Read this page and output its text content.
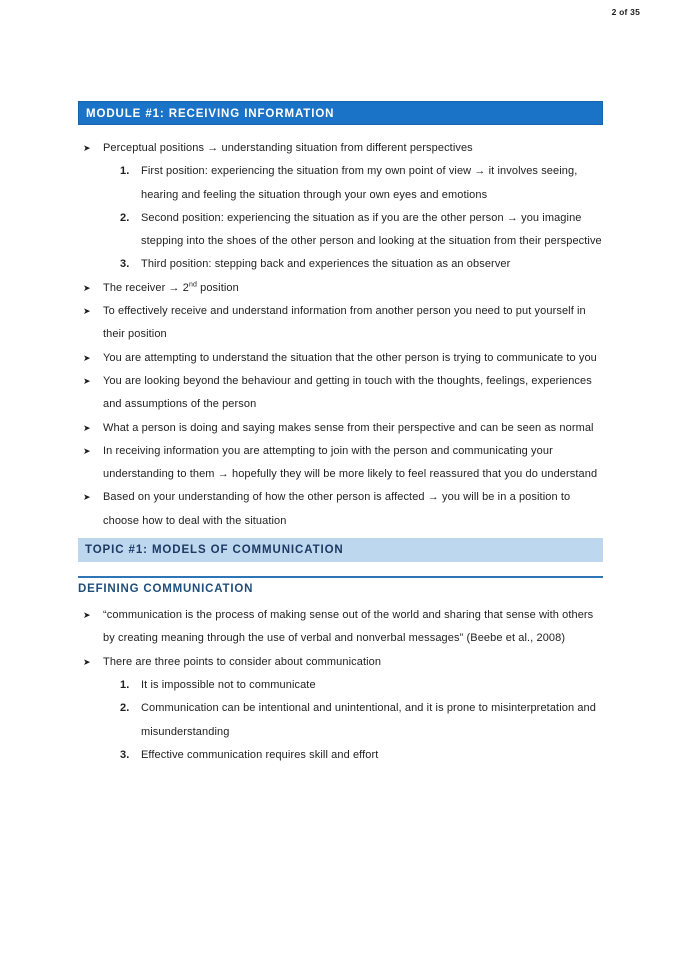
2 of 35
MODULE #1: RECEIVING INFORMATION
➤ Perceptual positions → understanding situation from different perspectives
1. First position: experiencing the situation from my own point of view → it involves seeing, hearing and feeling the situation through your own eyes and emotions
2. Second position: experiencing the situation as if you are the other person → you imagine stepping into the shoes of the other person and looking at the situation from their perspective
3. Third position: stepping back and experiences the situation as an observer
➤ The receiver → 2nd position
➤ To effectively receive and understand information from another person you need to put yourself in their position
➤ You are attempting to understand the situation that the other person is trying to communicate to you
➤ You are looking beyond the behaviour and getting in touch with the thoughts, feelings, experiences and assumptions of the person
➤ What a person is doing and saying makes sense from their perspective and can be seen as normal
➤ In receiving information you are attempting to join with the person and communicating your understanding to them → hopefully they will be more likely to feel reassured that you do understand
➤ Based on your understanding of how the other person is affected → you will be in a position to choose how to deal with the situation
TOPIC #1: MODELS OF COMMUNICATION
DEFINING COMMUNICATION
➤ “communication is the process of making sense out of the world and sharing that sense with others by creating meaning through the use of verbal and nonverbal messages” (Beebe et al., 2008)
➤ There are three points to consider about communication
1. It is impossible not to communicate
2. Communication can be intentional and unintentional, and it is prone to misinterpretation and misunderstanding
3. Effective communication requires skill and effort
